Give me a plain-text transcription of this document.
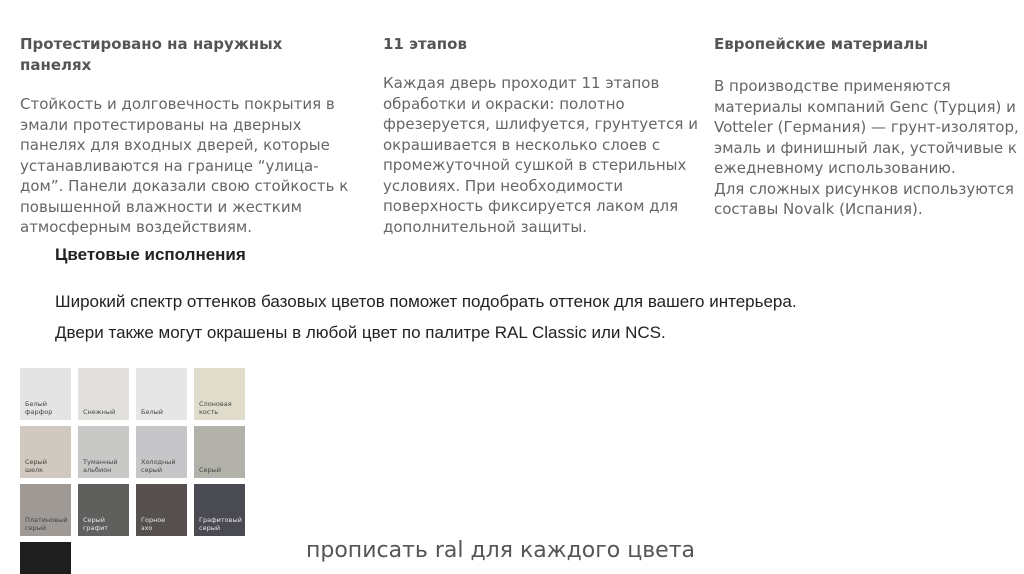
Протестировано на наружных панелях
Стойкость и долговечность покрытия в эмали протестированы на дверных панелях для входных дверей, которые устанавливаются на границе “улица-дом”. Панели доказали свою стойкость к повышенной влажности и жестким атмосферным воздействиям.
11 этапов
Каждая дверь проходит 11 этапов обработки и окраски: полотно фрезеруется, шлифуется, грунтуется и окрашивается в несколько слоев с промежуточной сушкой в стерильных условиях. При необходимости поверхность фиксируется лаком для дополнительной защиты.
Европейские материалы
В производстве применяются материалы компаний Genc (Турция) и Votteler (Германия) — грунт-изолятор, эмаль и финишный лак, устойчивые к ежедневному использованию.
Для сложных рисунков используются составы Novalk (Испания).
Цветовые исполнения
Широкий спектр оттенков базовых цветов поможет подобрать оттенок для вашего интерьера.
Двери также могут окрашены в любой цвет по палитре RAL Classic или NCS.
Белый
фарфор	Снежный	Белый
Слоновая
кость
Серый
шелк
Туманный
альбион
Холодный
серый	Серый
Платиновый
серый
Серый
графит
Горное
эхо
Графитовый
серый
прописать ral для каждого цвета
